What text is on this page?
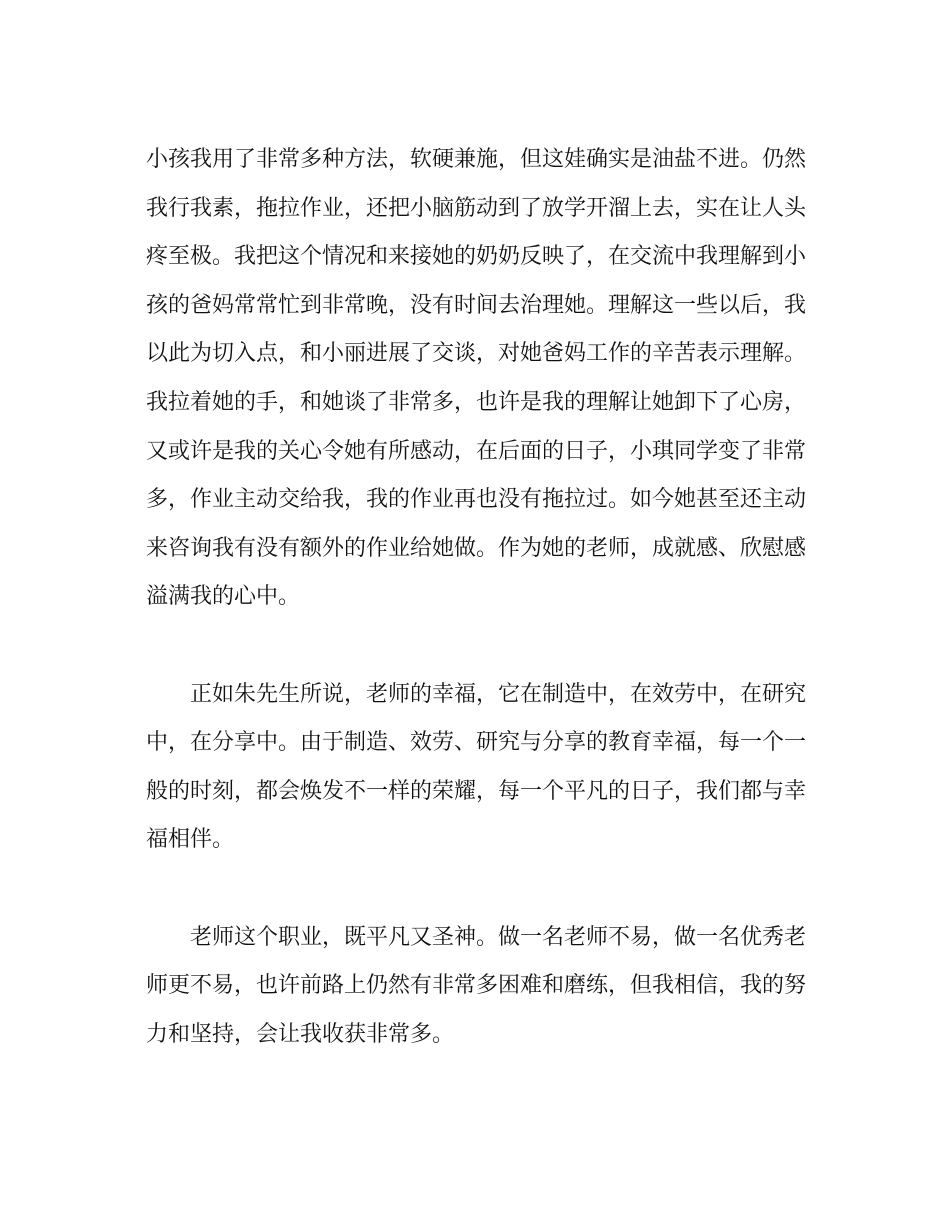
小孩我用了非常多种方法，软硬兼施，但这娃确实是油盐不进。仍然
我行我素，拖拉作业，还把小脑筋动到了放学开溜上去，实在让人头
疼至极。我把这个情况和来接她的奶奶反映了，在交流中我理解到小
孩的爸妈常常忙到非常晚，没有时间去治理她。理解这一些以后，我
以此为切入点，和小丽进展了交谈，对她爸妈工作的辛苦表示理解。
我拉着她的手，和她谈了非常多，也许是我的理解让她卸下了心房，
又或许是我的关心令她有所感动，在后面的日子，小琪同学变了非常
多，作业主动交给我，我的作业再也没有拖拉过。如今她甚至还主动
来咨询我有没有额外的作业给她做。作为她的老师，成就感、欣慰感
溢满我的心中。
正如朱先生所说，老师的幸福，它在制造中，在效劳中，在研究
中，在分享中。由于制造、效劳、研究与分享的教育幸福，每一个一
般的时刻，都会焕发不一样的荣耀，每一个平凡的日子，我们都与幸
福相伴。
老师这个职业，既平凡又圣神。做一名老师不易，做一名优秀老
师更不易，也许前路上仍然有非常多困难和磨练，但我相信，我的努
力和坚持，会让我收获非常多。
